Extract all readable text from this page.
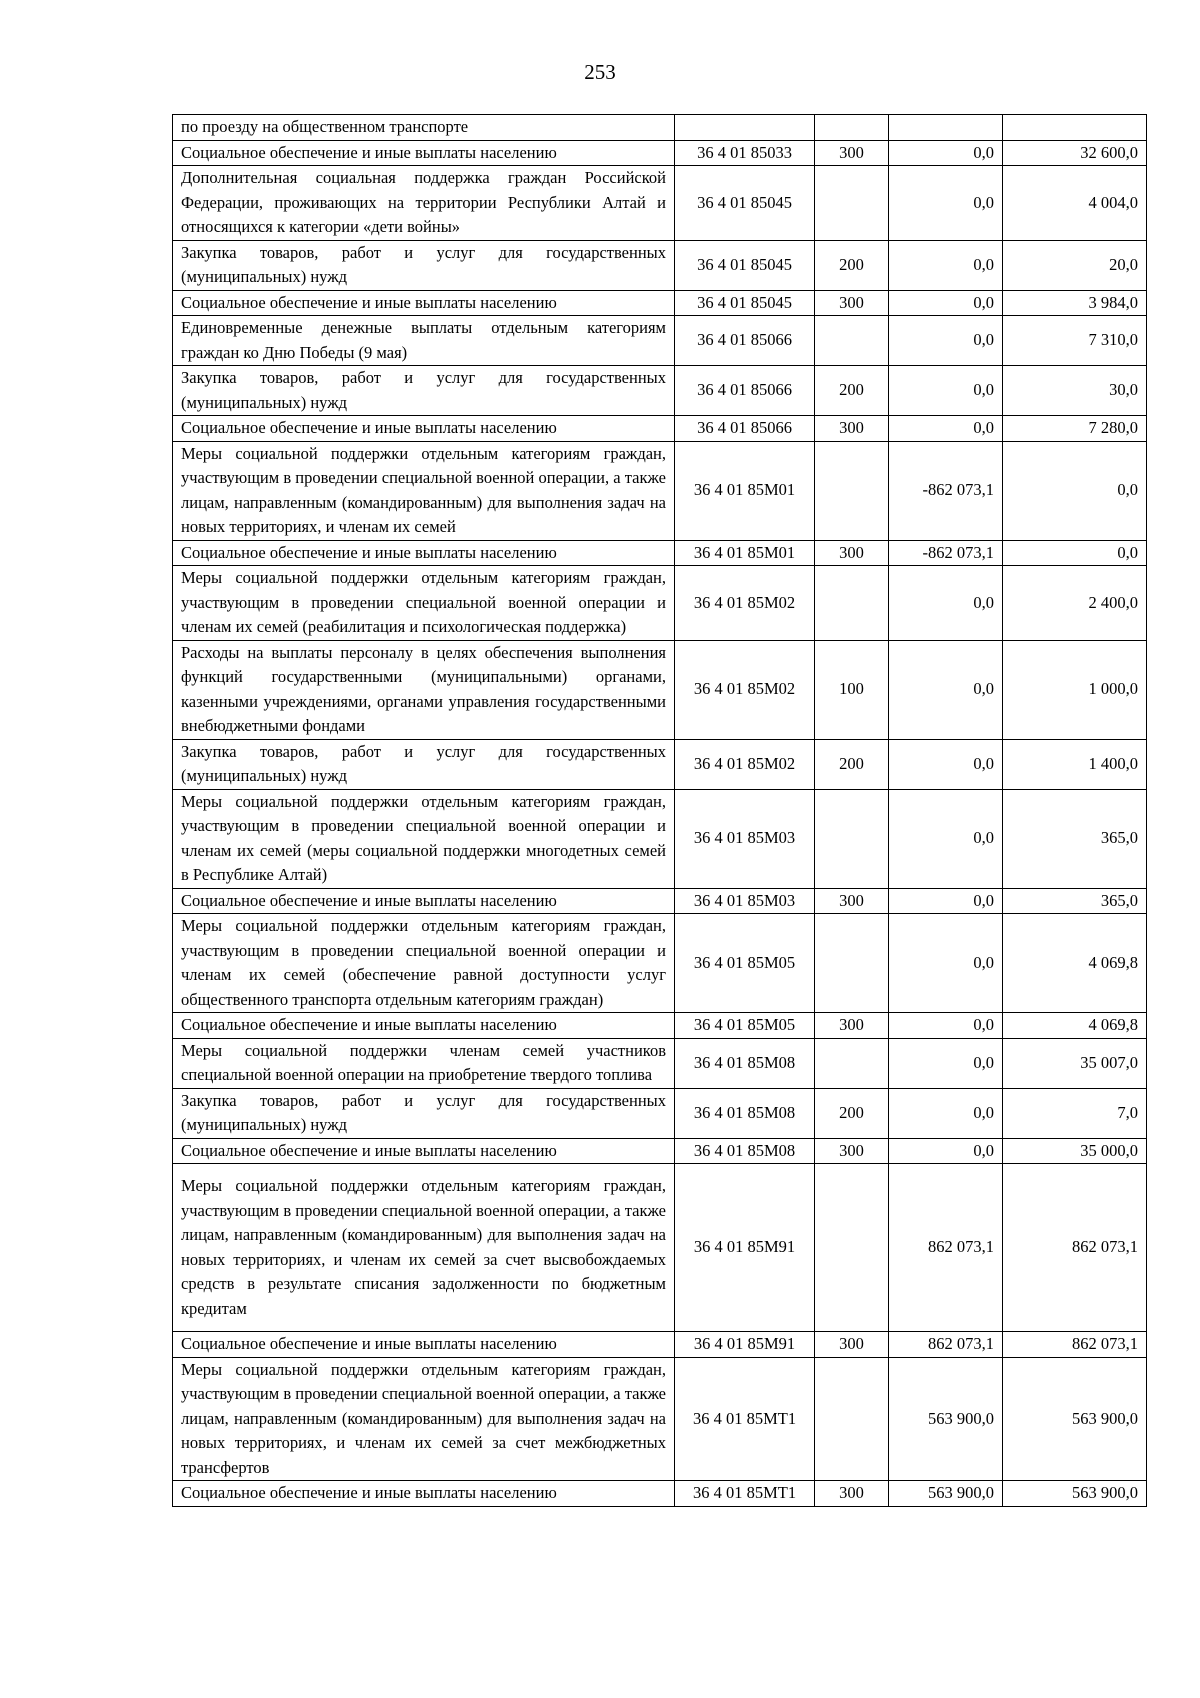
253
по проезду на общественном транспорте				
Социальное обеспечение и иные выплаты населению	36 4 01 85033	300	0,0	32 600,0
Дополнительная социальная поддержка граждан Российской Федерации, проживающих на территории Республики Алтай и относящихся к категории «дети войны»	36 4 01 85045		0,0	4 004,0
Закупка товаров, работ и услуг для государственных (муниципальных) нужд	36 4 01 85045	200	0,0	20,0
Социальное обеспечение и иные выплаты населению	36 4 01 85045	300	0,0	3 984,0
Единовременные денежные выплаты отдельным категориям граждан ко Дню Победы (9 мая)	36 4 01 85066		0,0	7 310,0
Закупка товаров, работ и услуг для государственных (муниципальных) нужд	36 4 01 85066	200	0,0	30,0
Социальное обеспечение и иные выплаты населению	36 4 01 85066	300	0,0	7 280,0
Меры социальной поддержки отдельным категориям граждан, участвующим в проведении специальной военной операции, а также лицам, направленным (командированным) для выполнения задач на новых территориях, и членам их семей	36 4 01 85М01		-862 073,1	0,0
Социальное обеспечение и иные выплаты населению	36 4 01 85М01	300	-862 073,1	0,0
Меры социальной поддержки отдельным категориям граждан, участвующим в проведении специальной военной операции и членам их семей (реабилитация и психологическая поддержка)	36 4 01 85М02		0,0	2 400,0
Расходы на выплаты персоналу в целях обеспечения выполнения функций государственными (муниципальными) органами, казенными учреждениями, органами управления государственными внебюджетными фондами	36 4 01 85М02	100	0,0	1 000,0
Закупка товаров, работ и услуг для государственных (муниципальных) нужд	36 4 01 85М02	200	0,0	1 400,0
Меры социальной поддержки отдельным категориям граждан, участвующим в проведении специальной военной операции и членам их семей (меры социальной поддержки многодетных семей в Республике Алтай)	36 4 01 85М03		0,0	365,0
Социальное обеспечение и иные выплаты населению	36 4 01 85М03	300	0,0	365,0
Меры социальной поддержки отдельным категориям граждан, участвующим в проведении специальной военной операции и членам их семей (обеспечение равной доступности услуг общественного транспорта отдельным категориям граждан)	36 4 01 85М05		0,0	4 069,8
Социальное обеспечение и иные выплаты населению	36 4 01 85М05	300	0,0	4 069,8
Меры социальной поддержки членам семей участников специальной военной операции на приобретение твердого топлива	36 4 01 85М08		0,0	35 007,0
Закупка товаров, работ и услуг для государственных (муниципальных) нужд	36 4 01 85М08	200	0,0	7,0
Социальное обеспечение и иные выплаты населению	36 4 01 85М08	300	0,0	35 000,0
Меры социальной поддержки отдельным категориям граждан, участвующим в проведении специальной военной операции, а также лицам, направленным (командированным) для выполнения задач на новых территориях, и членам их семей за счет высвобождаемых средств в результате списания задолженности по бюджетным кредитам	36 4 01 85М91		862 073,1	862 073,1
Социальное обеспечение и иные выплаты населению	36 4 01 85М91	300	862 073,1	862 073,1
Меры социальной поддержки отдельным категориям граждан, участвующим в проведении специальной военной операции, а также лицам, направленным (командированным) для выполнения задач на новых территориях, и членам их семей за счет межбюджетных трансфертов	36 4 01 85МТ1		563 900,0	563 900,0
Социальное обеспечение и иные выплаты населению	36 4 01 85МТ1	300	563 900,0	563 900,0
